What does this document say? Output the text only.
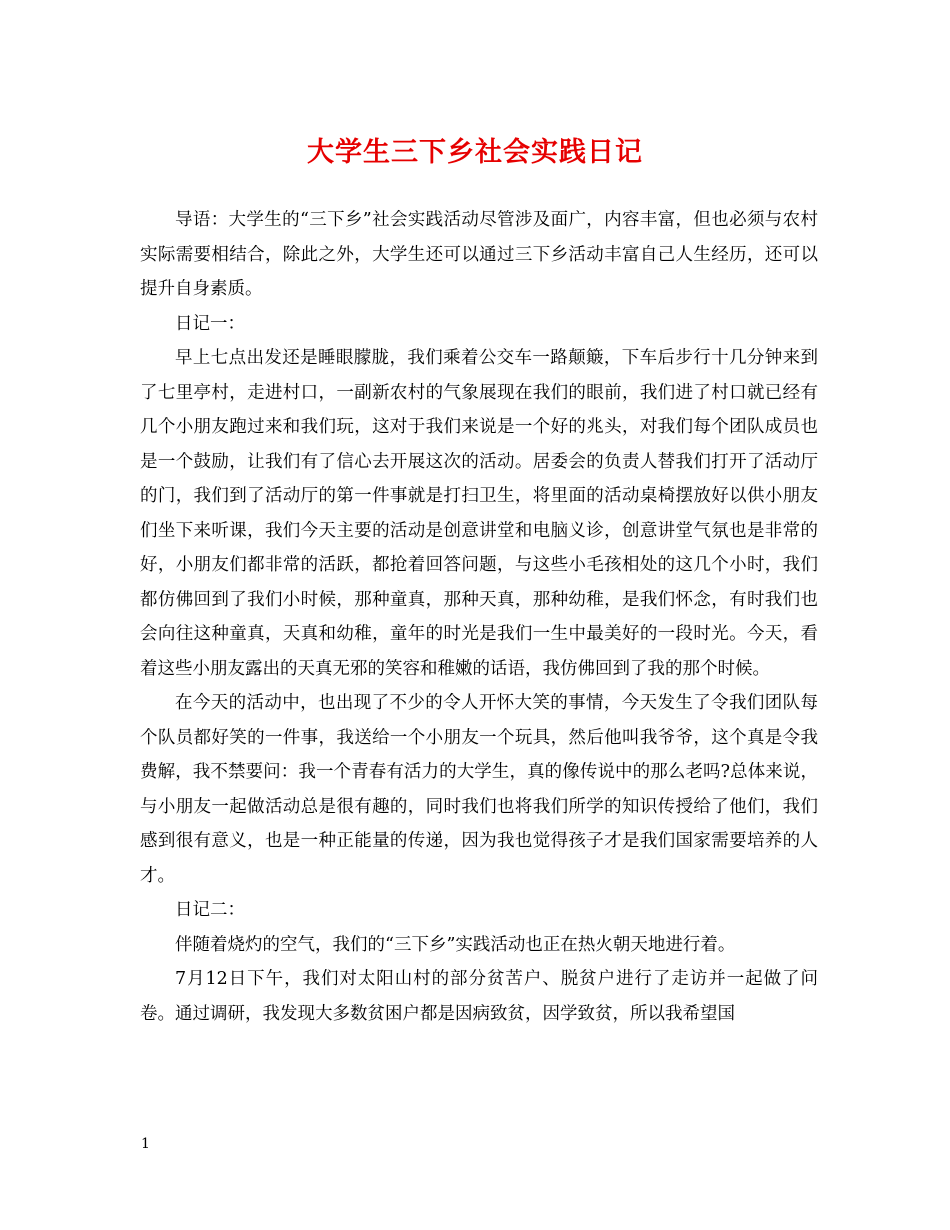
大学生三下乡社会实践日记

导语：大学生的“三下乡”社会实践活动尽管涉及面广，内容丰富，但也必须与农村实际需要相结合，除此之外，大学生还可以通过三下乡活动丰富自己人生经历，还可以提升自身素质。

日记一：

早上七点出发还是睡眼朦胧，我们乘着公交车一路颠簸，下车后步行十几分钟来到了七里亭村，走进村口，一副新农村的气象展现在我们的眼前，我们进了村口就已经有几个小朋友跑过来和我们玩，这对于我们来说是一个好的兆头，对我们每个团队成员也是一个鼓励，让我们有了信心去开展这次的活动。居委会的负责人替我们打开了活动厅的门，我们到了活动厅的第一件事就是打扫卫生，将里面的活动桌椅摆放好以供小朋友们坐下来听课，我们今天主要的活动是创意讲堂和电脑义诊，创意讲堂气氛也是非常的好，小朋友们都非常的活跃，都抢着回答问题，与这些小毛孩相处的这几个小时，我们都仿佛回到了我们小时候，那种童真，那种天真，那种幼稚，是我们怀念，有时我们也会向往这种童真，天真和幼稚，童年的时光是我们一生中最美好的一段时光。今天，看着这些小朋友露出的天真无邪的笑容和稚嫩的话语，我仿佛回到了我的那个时候。

在今天的活动中，也出现了不少的令人开怀大笑的事情，今天发生了令我们团队每个队员都好笑的一件事，我送给一个小朋友一个玩具，然后他叫我爷爷，这个真是令我费解，我不禁要问：我一个青春有活力的大学生，真的像传说中的那么老吗?总体来说，与小朋友一起做活动总是很有趣的，同时我们也将我们所学的知识传授给了他们，我们感到很有意义，也是一种正能量的传递，因为我也觉得孩子才是我们国家需要培养的人才。

日记二：

伴随着烧灼的空气，我们的“三下乡”实践活动也正在热火朝天地进行着。

7月12日下午，我们对太阳山村的部分贫苦户、脱贫户进行了走访并一起做了问卷。通过调研，我发现大多数贫困户都是因病致贫，因学致贫，所以我希望国

1
